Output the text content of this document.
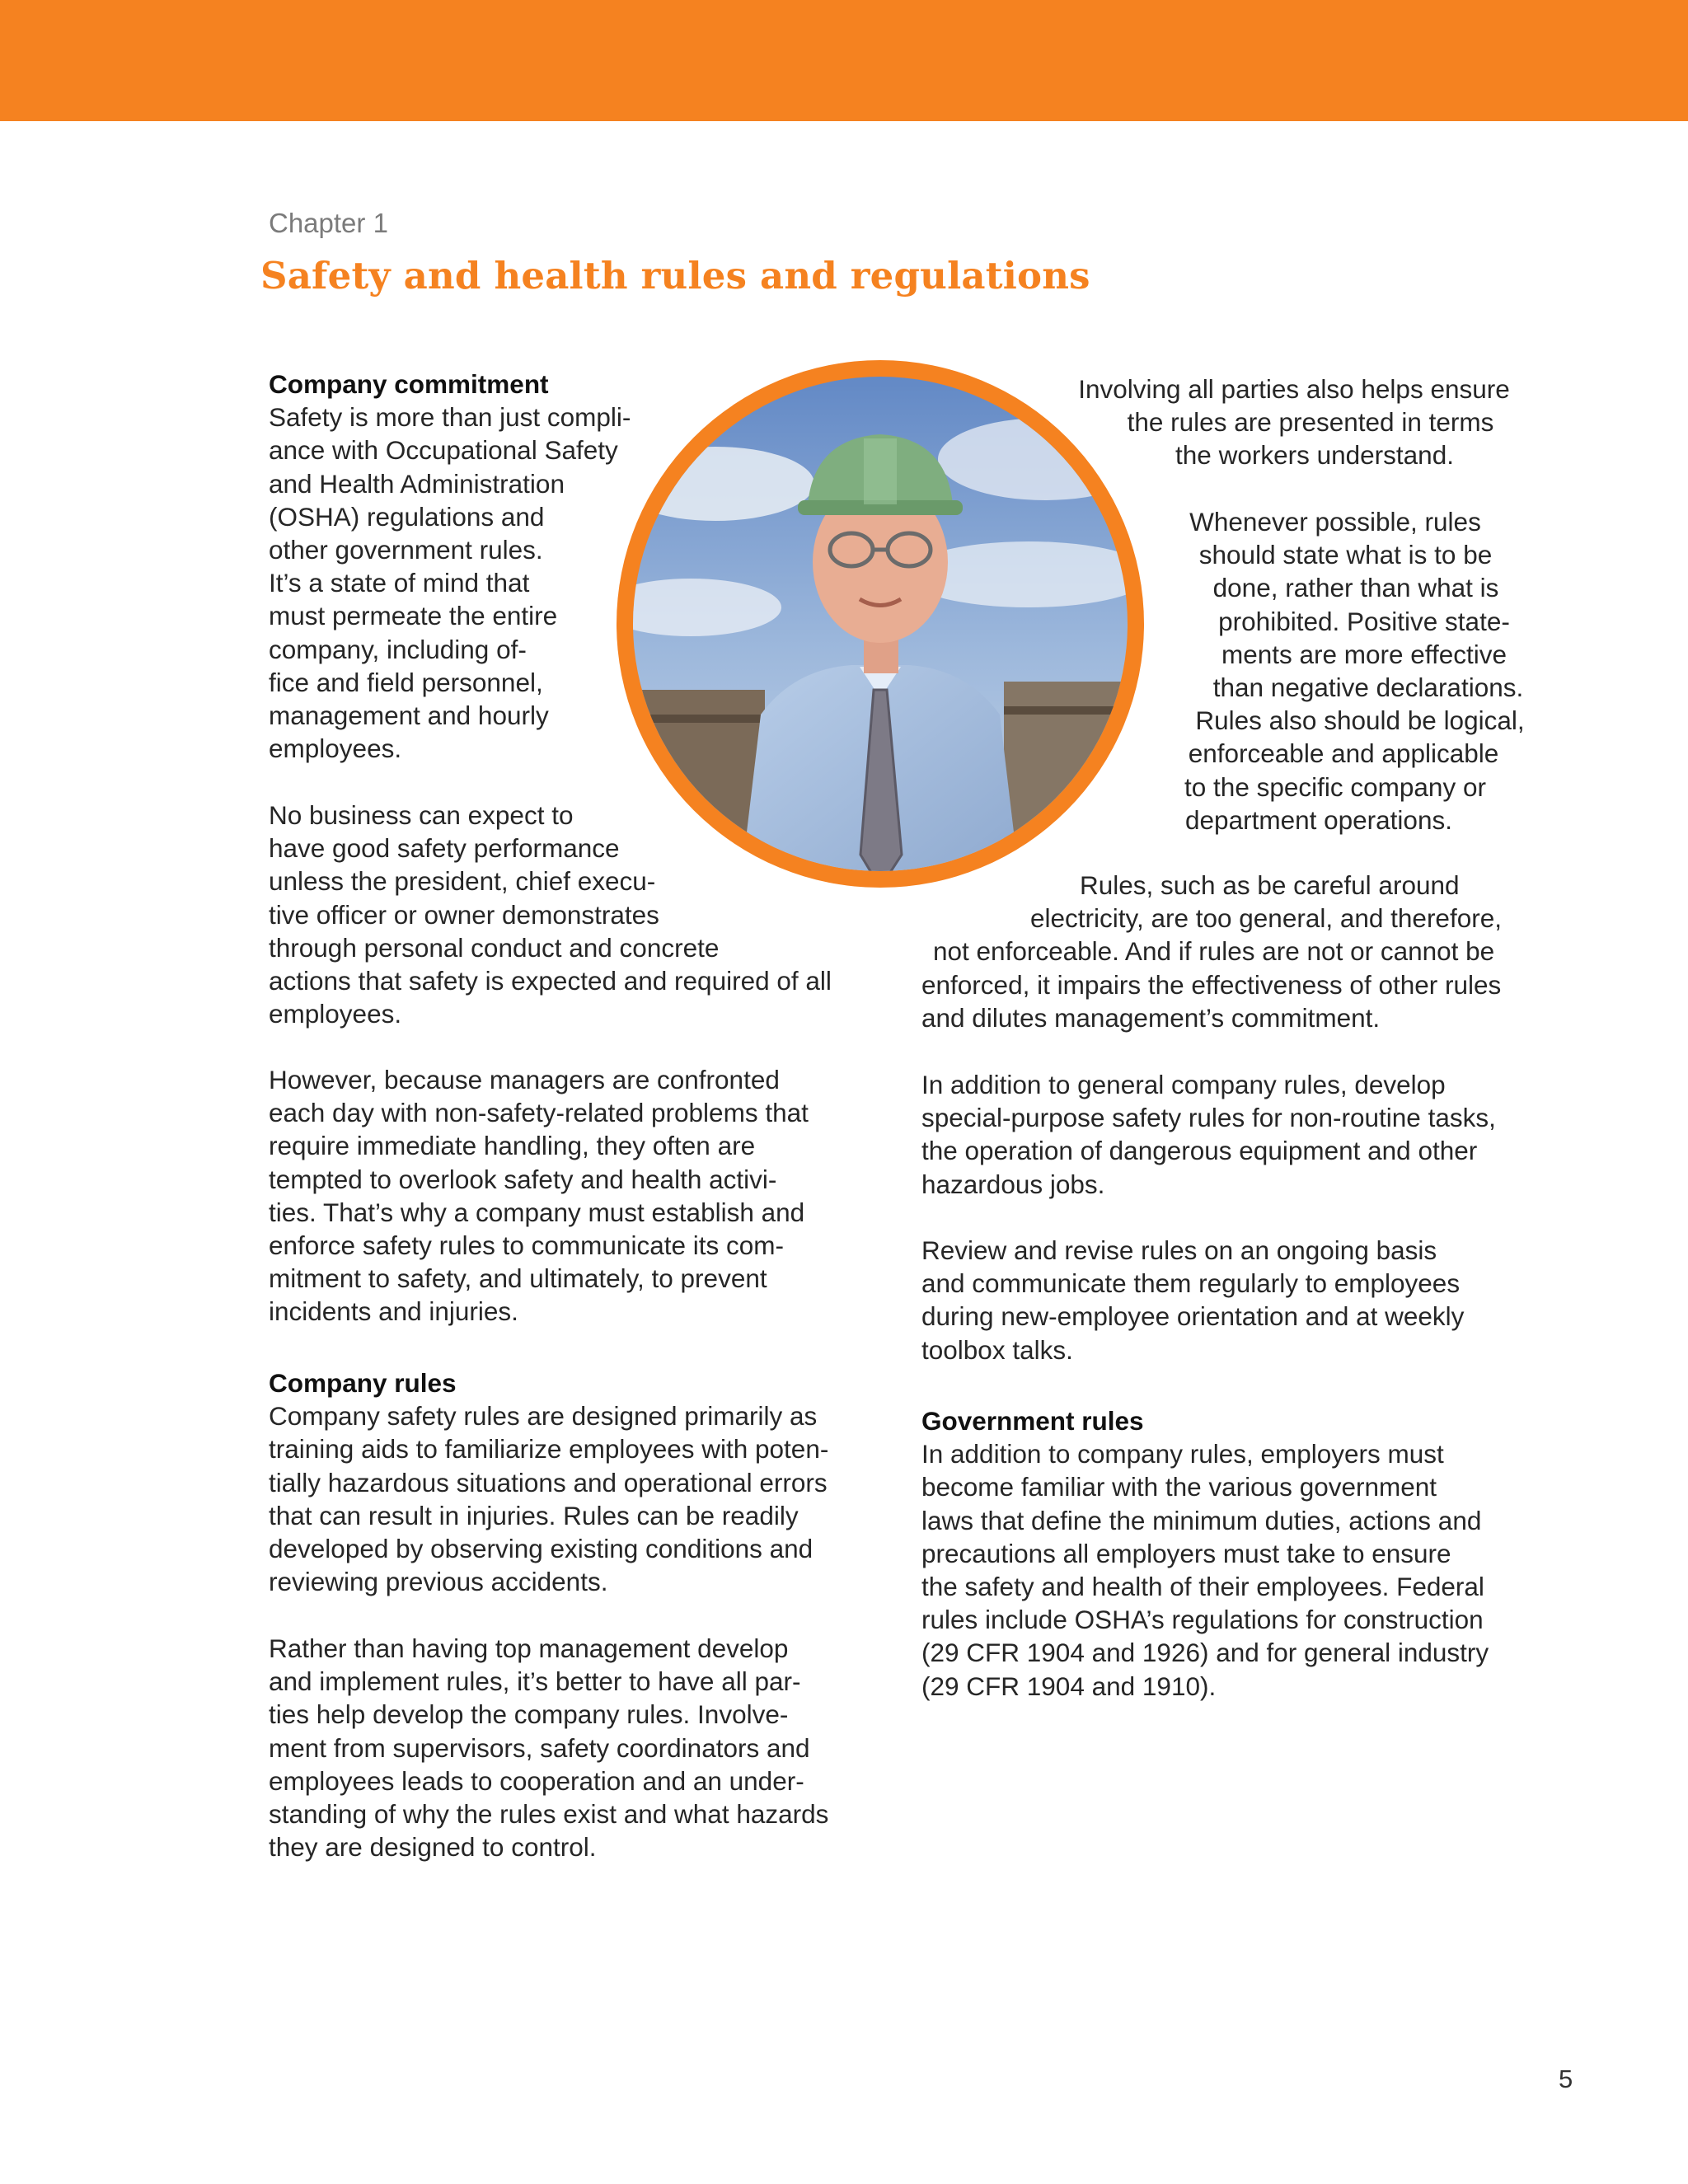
Chapter 1
Safety and health rules and regulations
Company commitment

Safety is more than just compli-

ance with Occupational Safety

and Health Administration

(OSHA) regulations and

other government rules.

It’s a state of mind that

must permeate the entire

company, including of-

fice and field personnel,

management and hourly

employees.

No business can expect to

have good safety performance

unless the president, chief execu-

tive officer or owner demonstrates

through personal conduct and concrete

actions that safety is expected and required of all

employees.

However, because managers are confronted

each day with non-safety-related problems that

require immediate handling, they often are

tempted to overlook safety and health activi-

ties. That’s why a company must establish and

enforce safety rules to communicate its com-

mitment to safety, and ultimately, to prevent

incidents and injuries.

Company rules

Company safety rules are designed primarily as

training aids to familiarize employees with poten-

tially hazardous situations and operational errors

that can result in injuries. Rules can be readily

developed by observing existing conditions and

reviewing previous accidents.

Rather than having top management develop

and implement rules, it’s better to have all par-

ties help develop the company rules. Involve-

ment from supervisors, safety coordinators and

employees leads to cooperation and an under-

standing of why the rules exist and what hazards

they are designed to control.

Involving all parties also helps ensure

the rules are presented in terms

the workers understand.

Whenever possible, rules

should state what is to be

done, rather than what is

prohibited. Positive state-

ments are more effective

than negative declarations.

Rules also should be logical,

enforceable and applicable

to the specific company or

department operations.

Rules, such as be careful around

electricity, are too general, and therefore,

not enforceable. And if rules are not or cannot be

enforced, it impairs the effectiveness of other rules

and dilutes management’s commitment.

In addition to general company rules, develop

special-purpose safety rules for non-routine tasks,

the operation of dangerous equipment and other

hazardous jobs.

Review and revise rules on an ongoing basis

and communicate them regularly to employees

during new-employee orientation and at weekly

toolbox talks.

Government rules

In addition to company rules, employers must

become familiar with the various government

laws that define the minimum duties, actions and

precautions all employers must take to ensure

the safety and health of their employees. Federal

rules include OSHA’s regulations for construction

(29 CFR 1904 and 1926) and for general industry

(29 CFR 1904 and 1910).

5
